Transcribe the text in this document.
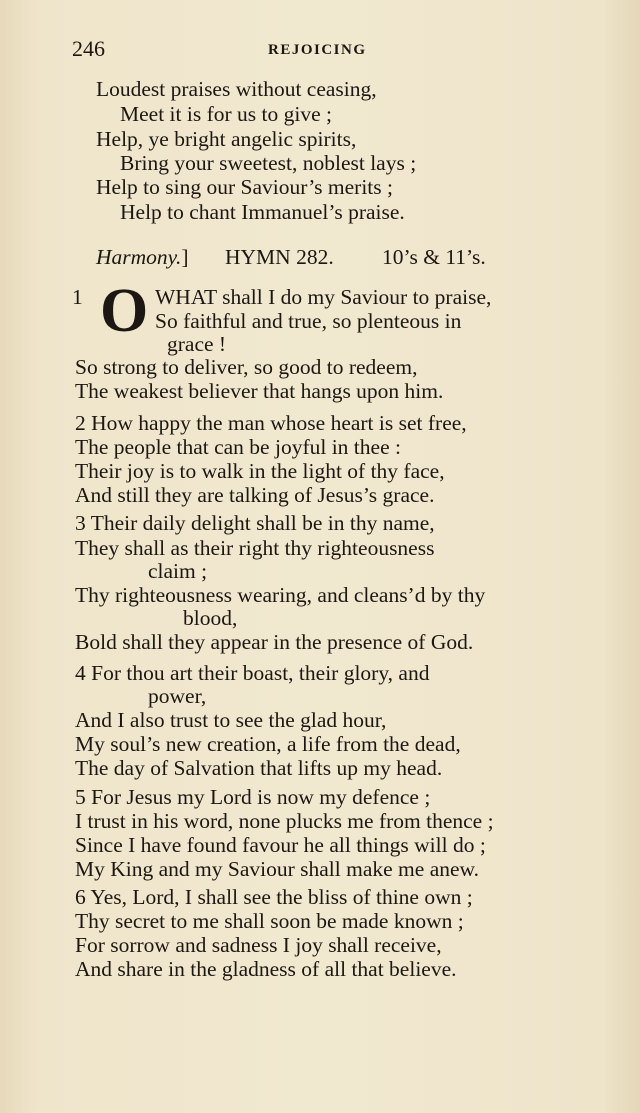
246	REJOICING
Loudest praises without ceasing,
Meet it is for us to give ;
Help, ye bright angelic spirits,
Bring your sweetest, noblest lays ;
Help to sing our Saviour’s merits ;
Help to chant Immanuel’s praise.
Harmony.] HYMN 282. 10’s & 11’s.
1 O WHAT shall I do my Saviour to praise,
So faithful and true, so plenteous in
grace !
So strong to deliver, so good to redeem,
The weakest believer that hangs upon him.
2 How happy the man whose heart is set free,
The people that can be joyful in thee :
Their joy is to walk in the light of thy face,
And still they are talking of Jesus’s grace.
3 Their daily delight shall be in thy name,
They shall as their right thy righteousness
claim ;
Thy righteousness wearing, and cleans’d by thy
blood,
Bold shall they appear in the presence of God.
4 For thou art their boast, their glory, and
power,
And I also trust to see the glad hour,
My soul’s new creation, a life from the dead,
The day of Salvation that lifts up my head.
5 For Jesus my Lord is now my defence ;
I trust in his word, none plucks me from thence ;
Since I have found favour he all things will do ;
My King and my Saviour shall make me anew.
6 Yes, Lord, I shall see the bliss of thine own ;
Thy secret to me shall soon be made known ;
For sorrow and sadness I joy shall receive,
And share in the gladness of all that believe.
